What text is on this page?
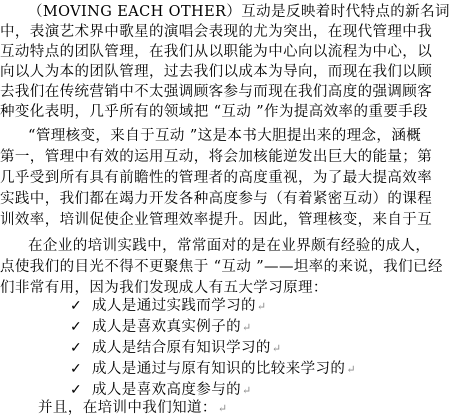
（MOVING EACH OTHER）互动是反映着时代特点的新名词
中，表演艺术界中歌星的演唱会表现的尤为突出，在现代管理中我
互动特点的团队管理，在我们从以职能为中心向以流程为中心，以
向以人为本的团队管理，过去我们以成本为导向，而现在我们以顾
去我们在传统营销中不太强调顾客参与而现在我们高度的强调顾客
种变化表明，几乎所有的领域把 “互动 ”作为提高效率的重要手段
“管理核变，来自于互动 ”这是本书大胆提出来的理念，涵概
第一，管理中有效的运用互动，将会加核能逆发出巨大的能量；第
几乎受到所有具有前瞻性的管理者的高度重视，为了最大提高效率
实践中，我们都在竭力开发各种高度参与（有着紧密互动）的课程
训效率，培训促使企业管理效率提升。因此，管理核变，来自于互
在企业的培训实践中，常常面对的是在业界颇有经验的成人，
点使我们的目光不得不更聚焦于 “互动 ”——坦率的来说，我们已经
们非常有用，因为我们发现成人有五大学习原理：
✓ 成人是通过实践而学习的↵
✓ 成人是喜欢真实例子的↵
✓ 成人是结合原有知识学习的↵
✓ 成人是通过与原有知识的比较来学习的↵
✓ 成人是喜欢高度参与的↵
并且，在培训中我们知道：↵
